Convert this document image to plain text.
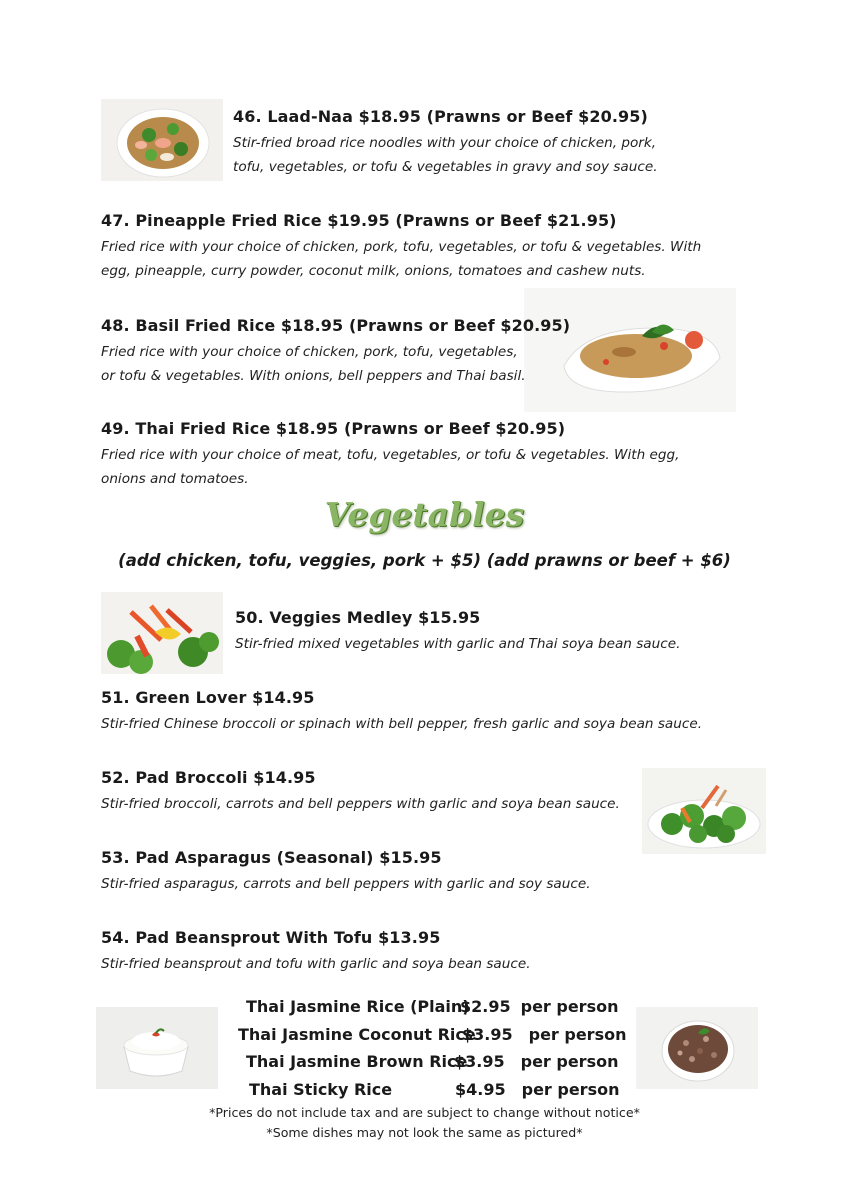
46. Laad-Naa $18.95 (Prawns or Beef $20.95)
Stir-fried broad rice noodles with your choice of chicken, pork,
tofu, vegetables, or tofu & vegetables in gravy and soy sauce.
47. Pineapple Fried Rice $19.95 (Prawns or Beef $21.95)
Fried rice with your choice of chicken, pork, tofu, vegetables, or tofu & vegetables. With
egg, pineapple, curry powder, coconut milk, onions, tomatoes and cashew nuts.
48. Basil Fried Rice $18.95 (Prawns or Beef $20.95)
Fried rice with your choice of chicken, pork, tofu, vegetables,
or tofu & vegetables. With onions, bell peppers and Thai basil.
49. Thai Fried Rice $18.95 (Prawns or Beef $20.95)
Fried rice with your choice of meat, tofu, vegetables, or tofu & vegetables. With egg,
onions and tomatoes.
Vegetables
(add chicken, tofu, veggies, pork + $5) (add prawns or beef + $6)
50. Veggies Medley $15.95
Stir-fried mixed vegetables with garlic and Thai soya bean sauce.
51. Green Lover $14.95
Stir-fried Chinese broccoli or spinach with bell pepper, fresh garlic and soya bean sauce.
52. Pad Broccoli $14.95
Stir-fried broccoli, carrots and bell peppers with garlic and soya bean sauce.
53. Pad Asparagus (Seasonal) $15.95
Stir-fried asparagus, carrots and bell peppers with garlic and soy sauce.
54. Pad Beansprout With Tofu $13.95
Stir-fried beansprout and tofu with garlic and soya bean sauce.
Thai Jasmine Rice (Plain)
$2.95 per person
Thai Jasmine Coconut Rice
$3.95 per person
Thai Jasmine Brown Rice
$3.95 per person
Thai Sticky Rice	$4.95 per person
*Prices do not include tax and are subject to change without notice*
*Some dishes may not look the same as pictured*
